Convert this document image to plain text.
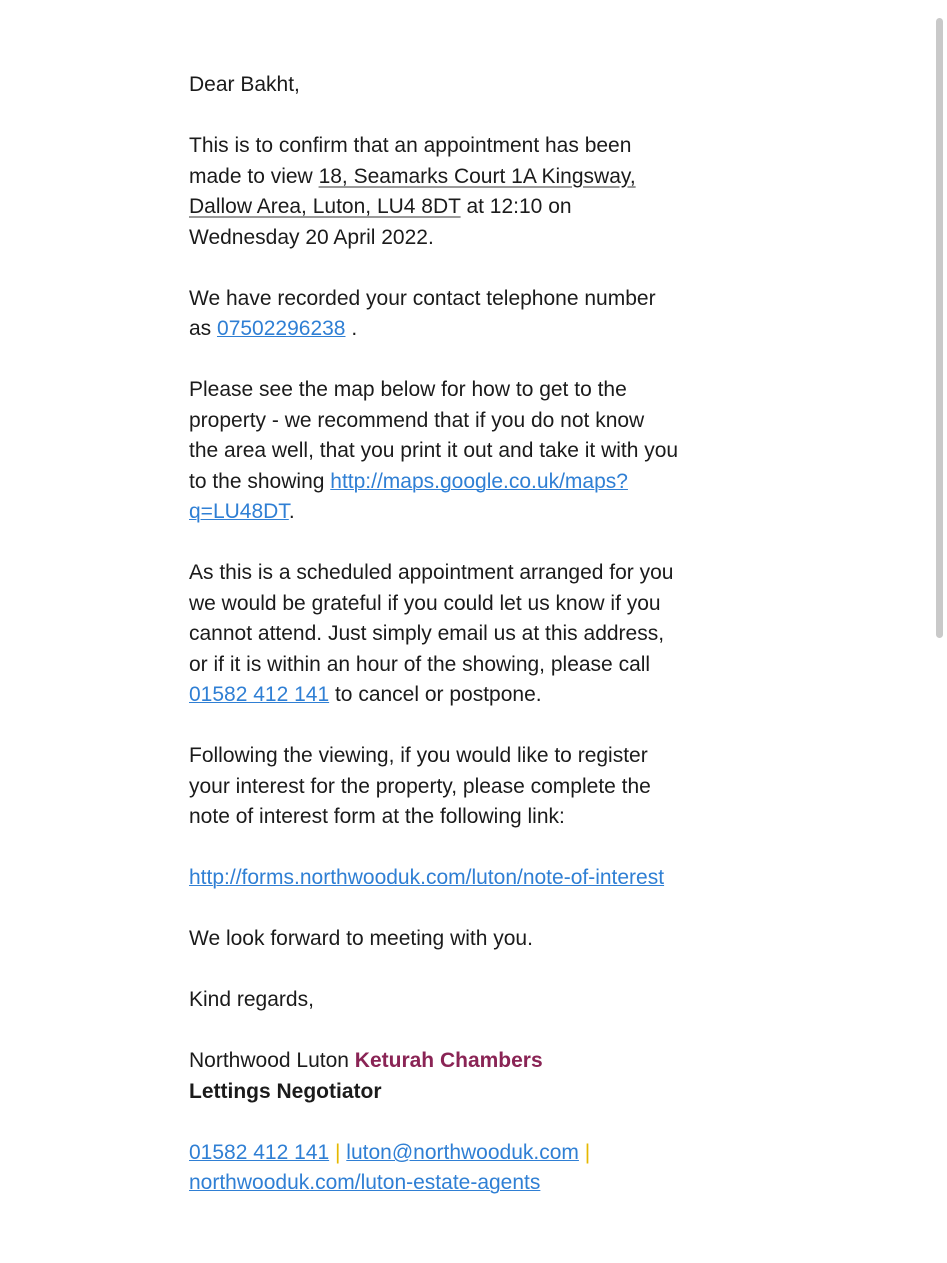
Dear Bakht,

This is to confirm that an appointment has been made to view 18, Seamarks Court 1A Kingsway, Dallow Area, Luton, LU4 8DT at 12:10 on Wednesday 20 April 2022.

We have recorded your contact telephone number as 07502296238 .

Please see the map below for how to get to the property - we recommend that if you do not know the area well, that you print it out and take it with you to the showing http://maps.google.co.uk/maps?q=LU48DT.

As this is a scheduled appointment arranged for you we would be grateful if you could let us know if you cannot attend. Just simply email us at this address, or if it is within an hour of the showing, please call 01582 412 141 to cancel or postpone.

Following the viewing, if you would like to register your interest for the property, please complete the note of interest form at the following link:

http://forms.northwooduk.com/luton/note-of-interest

We look forward to meeting with you.

Kind regards,

Northwood Luton Keturah Chambers
Lettings Negotiator

01582 412 141 | luton@northwooduk.com |
northwooduk.com/luton-estate-agents
